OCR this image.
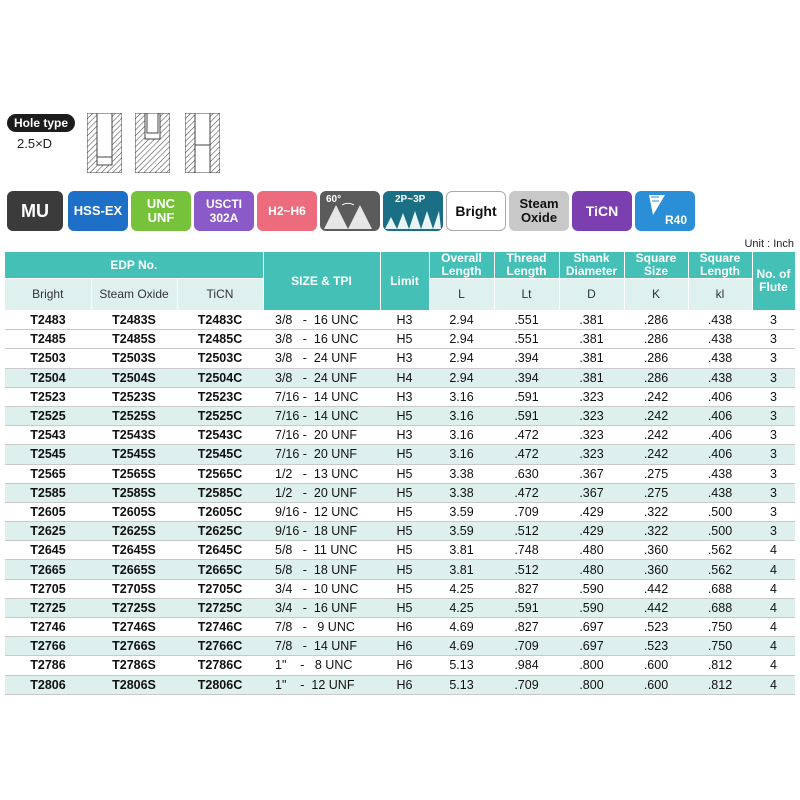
Hole type
2.5×D
MU HSS-EX UNC
UNF
USCTI
302A H2~H6
60°	2P~3P
Bright Steam
Oxide TiCN
R40
Unit : Inch
EDP No.			SIZE & TPI	Limit	Overall Length	Thread Length	Shank Diameter	Square Size	Square Length	No. of Flute
Bright	Steam Oxide	TiCN			L	Lt	D	K	kl	
T2483	T2483S	T2483C	3/8   -  16 UNC	H3	2.94	.551	.381	.286	.438	3
T2485	T2485S	T2485C	3/8   -  16 UNC	H5	2.94	.551	.381	.286	.438	3
T2503	T2503S	T2503C	3/8   -  24 UNF	H3	2.94	.394	.381	.286	.438	3
T2504	T2504S	T2504C	3/8   -  24 UNF	H4	2.94	.394	.381	.286	.438	3
T2523	T2523S	T2523C	7/16 -  14 UNC	H3	3.16	.591	.323	.242	.406	3
T2525	T2525S	T2525C	7/16 -  14 UNC	H5	3.16	.591	.323	.242	.406	3
T2543	T2543S	T2543C	7/16 -  20 UNF	H3	3.16	.472	.323	.242	.406	3
T2545	T2545S	T2545C	7/16 -  20 UNF	H5	3.16	.472	.323	.242	.406	3
T2565	T2565S	T2565C	1/2   -  13 UNC	H5	3.38	.630	.367	.275	.438	3
T2585	T2585S	T2585C	1/2   -  20 UNF	H5	3.38	.472	.367	.275	.438	3
T2605	T2605S	T2605C	9/16 -  12 UNC	H5	3.59	.709	.429	.322	.500	3
T2625	T2625S	T2625C	9/16 -  18 UNF	H5	3.59	.512	.429	.322	.500	3
T2645	T2645S	T2645C	5/8   -  11 UNC	H5	3.81	.748	.480	.360	.562	4
T2665	T2665S	T2665C	5/8   -  18 UNF	H5	3.81	.512	.480	.360	.562	4
T2705	T2705S	T2705C	3/4   -  10 UNC	H5	4.25	.827	.590	.442	.688	4
T2725	T2725S	T2725C	3/4   -  16 UNF	H5	4.25	.591	.590	.442	.688	4
T2746	T2746S	T2746C	7/8   -   9 UNC	H6	4.69	.827	.697	.523	.750	4
T2766	T2766S	T2766C	7/8   -  14 UNF	H6	4.69	.709	.697	.523	.750	4
T2786	T2786S	T2786C	1"    -   8 UNC	H6	5.13	.984	.800	.600	.812	4
T2806	T2806S	T2806C	1"    -  12 UNF	H6	5.13	.709	.800	.600	.812	4
